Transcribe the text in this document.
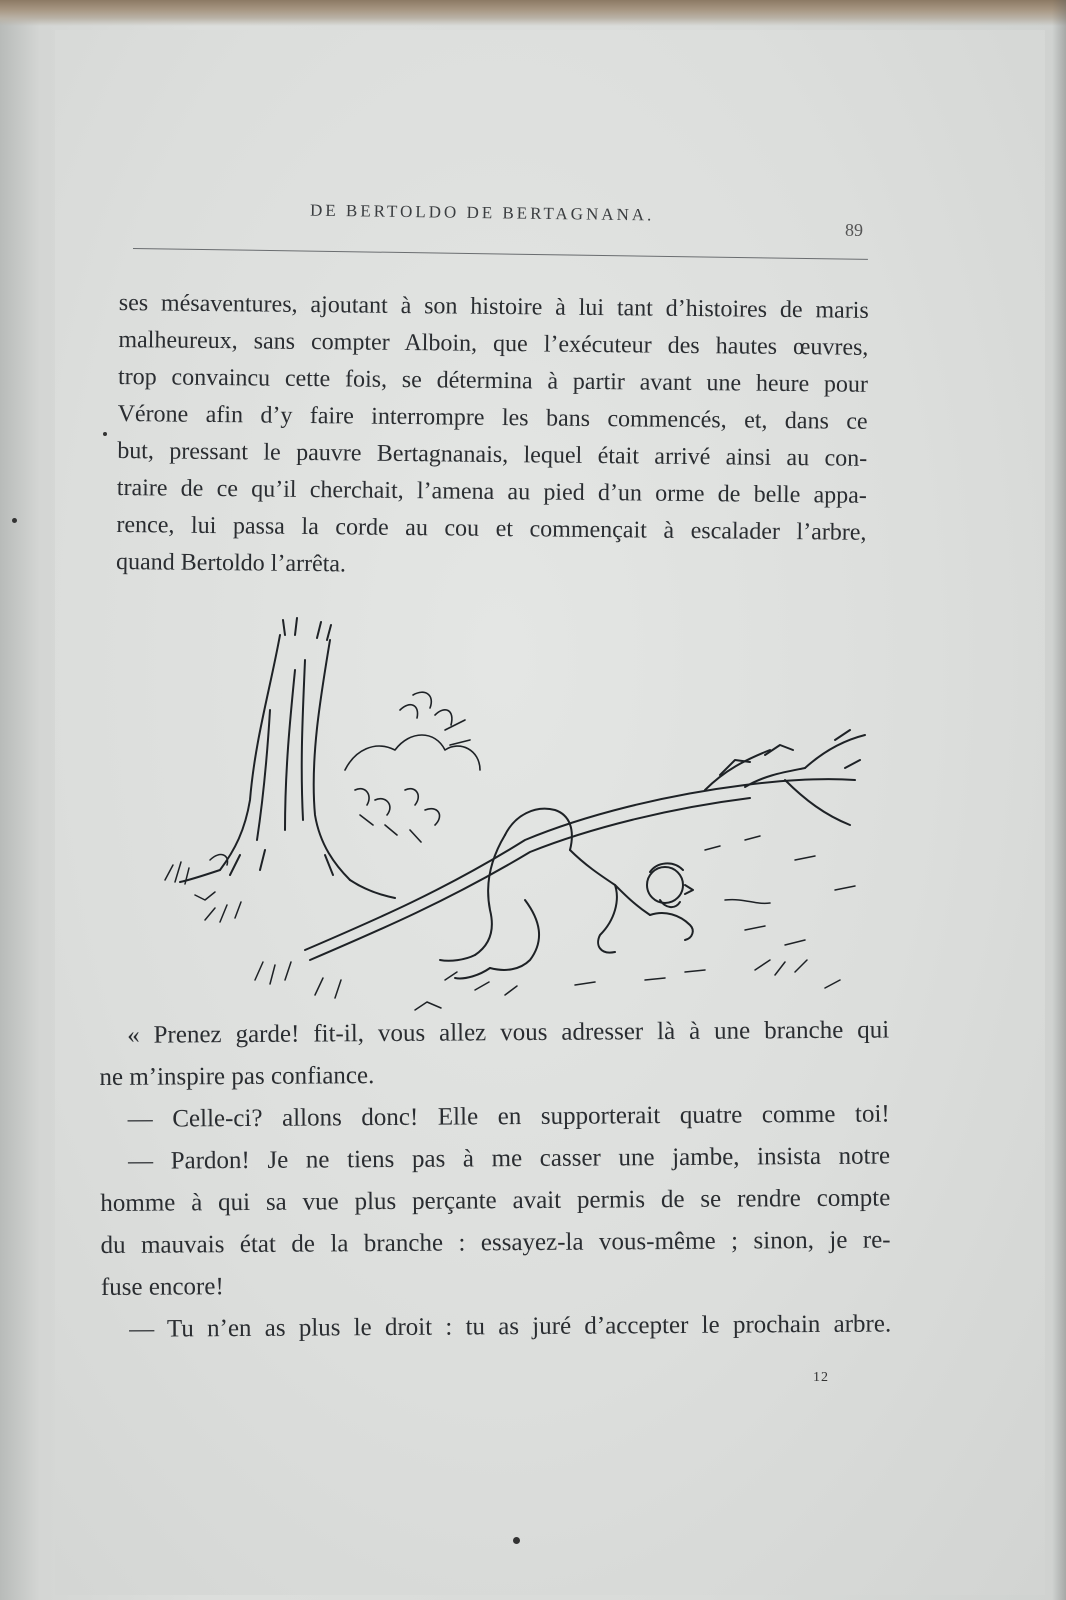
DE BERTOLDO DE BERTAGNANA.
89
ses mésaventures, ajoutant à son histoire à lui tant d’histoires de maris
malheureux, sans compter Alboin, que l’exécuteur des hautes œuvres,
trop convaincu cette fois, se détermina à partir avant une heure pour
Vérone afin d’y faire interrompre les bans commencés, et, dans ce
but, pressant le pauvre Bertagnanais, lequel était arrivé ainsi au con-
traire de ce qu’il cherchait, l’amena au pied d’un orme de belle appa-
rence, lui passa la corde au cou et commençait à escalader l’arbre,
quand Bertoldo l’arrêta.
« Prenez garde! fit-il, vous allez vous adresser là à une branche qui
ne m’inspire pas confiance.
— Celle-ci? allons donc! Elle en supporterait quatre comme toi!
— Pardon! Je ne tiens pas à me casser une jambe, insista notre
homme à qui sa vue plus perçante avait permis de se rendre compte
du mauvais état de la branche : essayez-la vous-même ; sinon, je re-
fuse encore!
— Tu n’en as plus le droit : tu as juré d’accepter le prochain arbre.
12
